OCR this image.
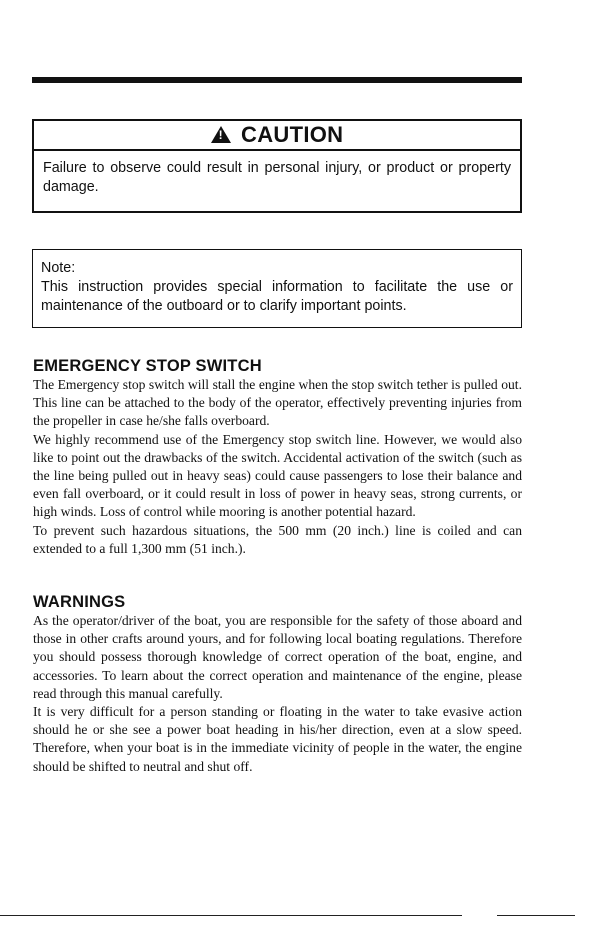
! CAUTION
Failure to observe could result in personal injury, or product or property damage.
Note:
This instruction provides special information to facilitate the use or maintenance of the outboard or to clarify important points.
EMERGENCY STOP SWITCH

The Emergency stop switch will stall the engine when the stop switch tether is pulled out. This line can be attached to the body of the operator, effectively preventing injuries from the propeller in case he/she falls overboard.

We highly recommend use of the Emergency stop switch line. However, we would also like to point out the drawbacks of the switch. Accidental activation of the switch (such as the line being pulled out in heavy seas) could cause passengers to lose their balance and even fall overboard, or it could result in loss of power in heavy seas, strong currents, or high winds. Loss of control while mooring is another potential hazard.

To prevent such hazardous situations, the 500 mm (20 inch.) line is coiled and can extended to a full 1,300 mm (51 inch.).

WARNINGS

As the operator/driver of the boat, you are responsible for the safety of those aboard and those in other crafts around yours, and for following local boating regulations. Therefore you should possess thorough knowledge of correct operation of the boat, engine, and accessories. To learn about the correct operation and maintenance of the engine, please read through this manual carefully.

It is very difficult for a person standing or floating in the water to take evasive action should he or she see a power boat heading in his/her direction, even at a slow speed. Therefore, when your boat is in the immediate vicinity of people in the water, the engine should be shifted to neutral and shut off.
